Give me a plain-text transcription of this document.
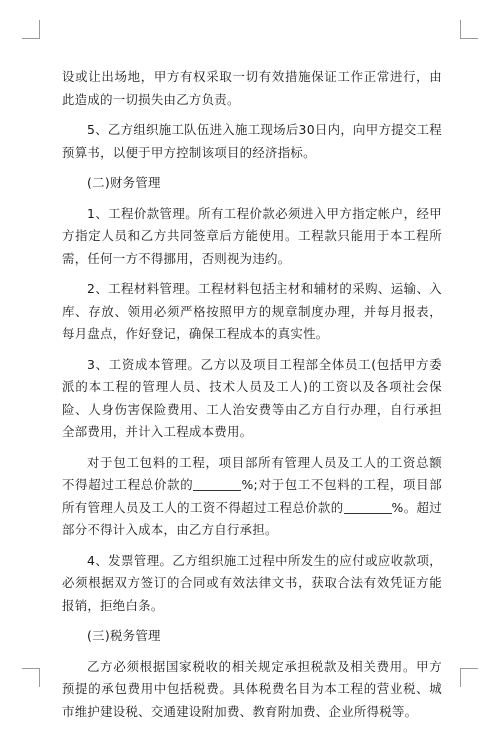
设或让出场地，甲方有权采取一切有效措施保证工作正常进行，由此造成的一切损失由乙方负责。

5、乙方组织施工队伍进入施工现场后30日内，向甲方提交工程预算书，以便于甲方控制该项目的经济指标。

(二)财务管理

1、工程价款管理。所有工程价款必须进入甲方指定帐户，经甲方指定人员和乙方共同签章后方能使用。工程款只能用于本工程所需，任何一方不得挪用，否则视为违约。

2、工程材料管理。工程材料包括主材和辅材的采购、运输、入库、存放、领用必须严格按照甲方的规章制度办理，并每月报表，每月盘点，作好登记，确保工程成本的真实性。

3、工资成本管理。乙方以及项目工程部全体员工(包括甲方委派的本工程的管理人员、技术人员及工人)的工资以及各项社会保险、人身伤害保险费用、工人治安费等由乙方自行办理，自行承担全部费用，并计入工程成本费用。

对于包工包料的工程，项目部所有管理人员及工人的工资总额不得超过工程总价款的	%;对于包工不包料的工程，项目部所有管理人员及工人的工资不得超过工程总价款的	%。超过部分不得计入成本，由乙方自行承担。

4、发票管理。乙方组织施工过程中所发生的应付或应收款项，必须根据双方签订的合同或有效法律文书，获取合法有效凭证方能报销，拒绝白条。

(三)税务管理

乙方必须根据国家税收的相关规定承担税款及相关费用。甲方预提的承包费用中包括税费。具体税费名目为本工程的营业税、城市维护建设税、交通建设附加费、教育附加费、企业所得税等。
